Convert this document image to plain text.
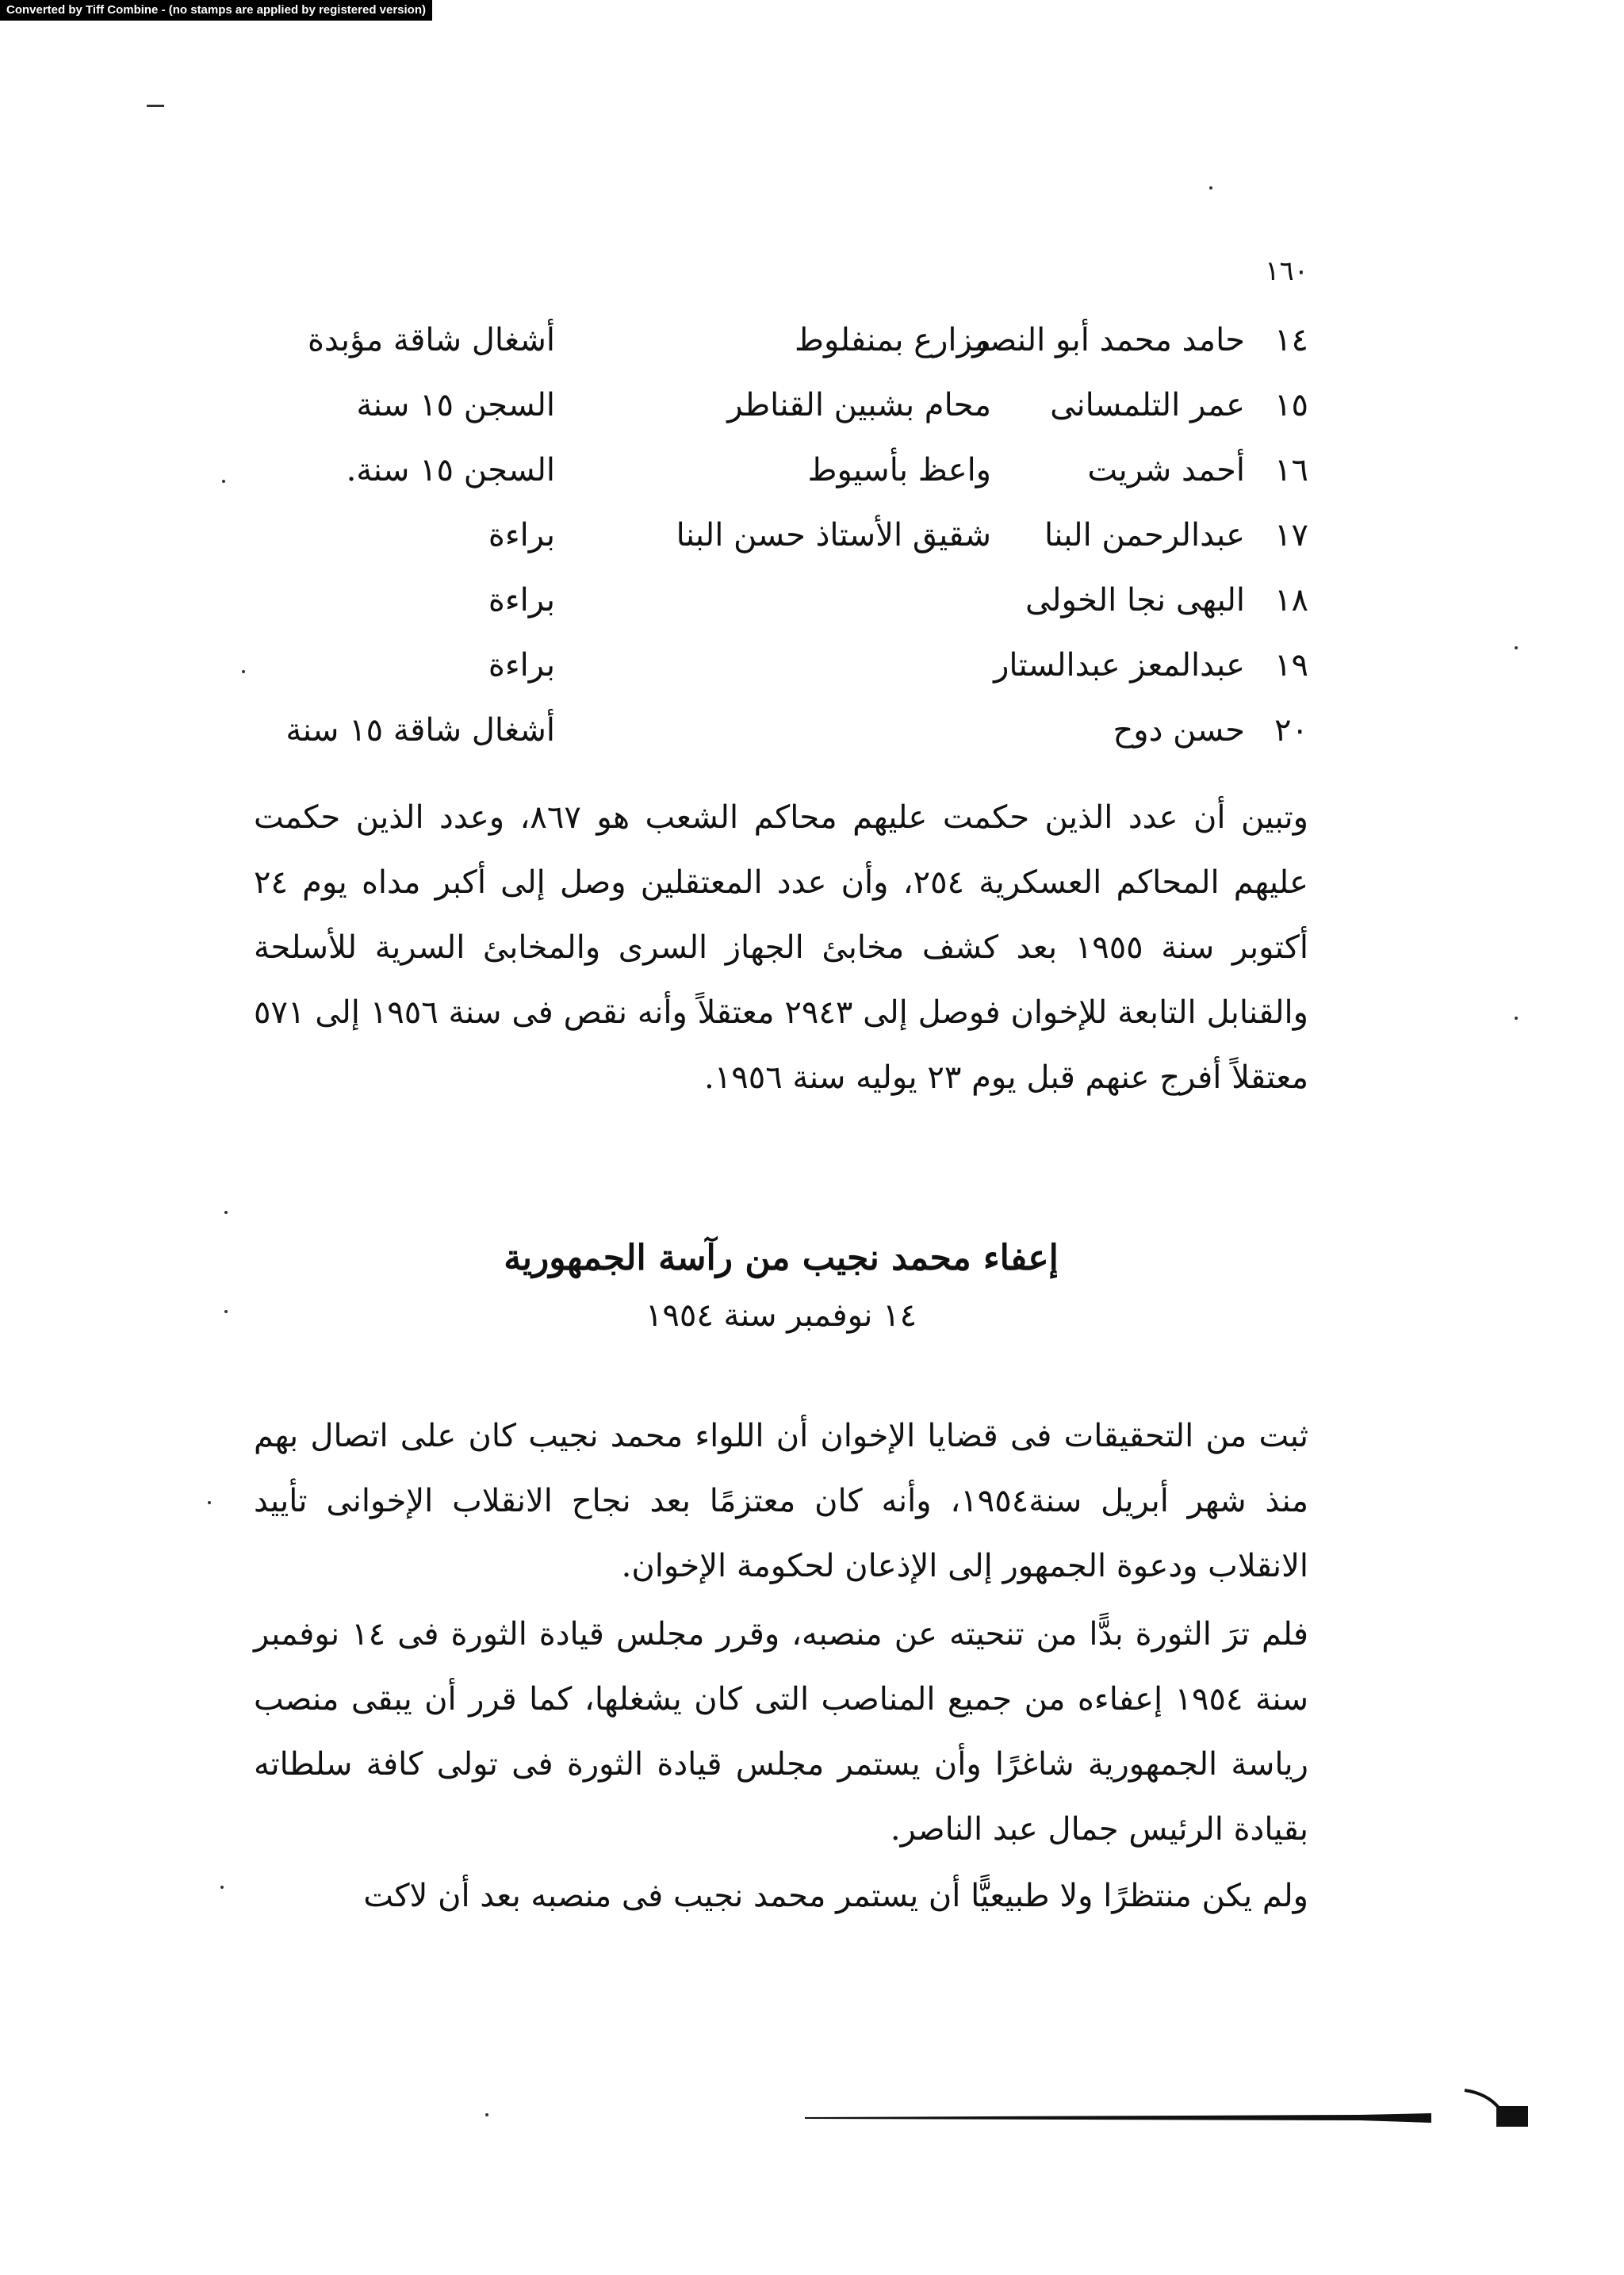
Converted by Tiff Combine - (no stamps are applied by registered version)
١٦٠
١٤
حامد محمد أبو النصر
مزارع بمنفلوط
أشغال شاقة مؤبدة
١٥
عمر التلمسانى
محام بشبين القناطر
السجن ١٥ سنة
١٦
أحمد شريت
واعظ بأسيوط
السجن ١٥ سنة.
١٧
عبدالرحمن البنا
شقيق الأستاذ حسن البنا
براءة
١٨
البهى نجا الخولى
براءة
١٩
عبدالمعز عبدالستار
براءة
٢٠
حسن دوح
أشغال شاقة ١٥ سنة

وتبين أن عدد الذين حكمت عليهم محاكم الشعب هو ٨٦٧، وعدد الذين حكمت عليهم المحاكم العسكرية ٢٥٤، وأن عدد المعتقلين وصل إلى أكبر مداه يوم ٢٤ أكتوبر سنة ١٩٥٥ بعد كشف مخابئ الجهاز السرى والمخابئ السرية للأسلحة والقنابل التابعة للإخوان فوصل إلى ٢٩٤٣ معتقلاً وأنه نقص فى سنة ١٩٥٦ إلى ٥٧١ معتقلاً أفرج عنهم قبل يوم ٢٣ يوليه سنة ١٩٥٦.

إعفاء محمد نجيب من رآسة الجمهورية
١٤ نوفمبر سنة ١٩٥٤

ثبت من التحقيقات فى قضايا الإخوان أن اللواء محمد نجيب كان على اتصال بهم منذ شهر أبريل سنة١٩٥٤، وأنه كان معتزمًا بعد نجاح الانقلاب الإخوانى تأييد الانقلاب ودعوة الجمهور إلى الإذعان لحكومة الإخوان.

فلم ترَ الثورة بدًّا من تنحيته عن منصبه، وقرر مجلس قيادة الثورة فى ١٤ نوفمبر سنة ١٩٥٤ إعفاءه من جميع المناصب التى كان يشغلها، كما قرر أن يبقى منصب رياسة الجمهورية شاغرًا وأن يستمر مجلس قيادة الثورة فى تولى كافة سلطاته بقيادة الرئيس جمال عبد الناصر.

ولم يكن منتظرًا ولا طبيعيًّا أن يستمر محمد نجيب فى منصبه بعد أن لاكت
